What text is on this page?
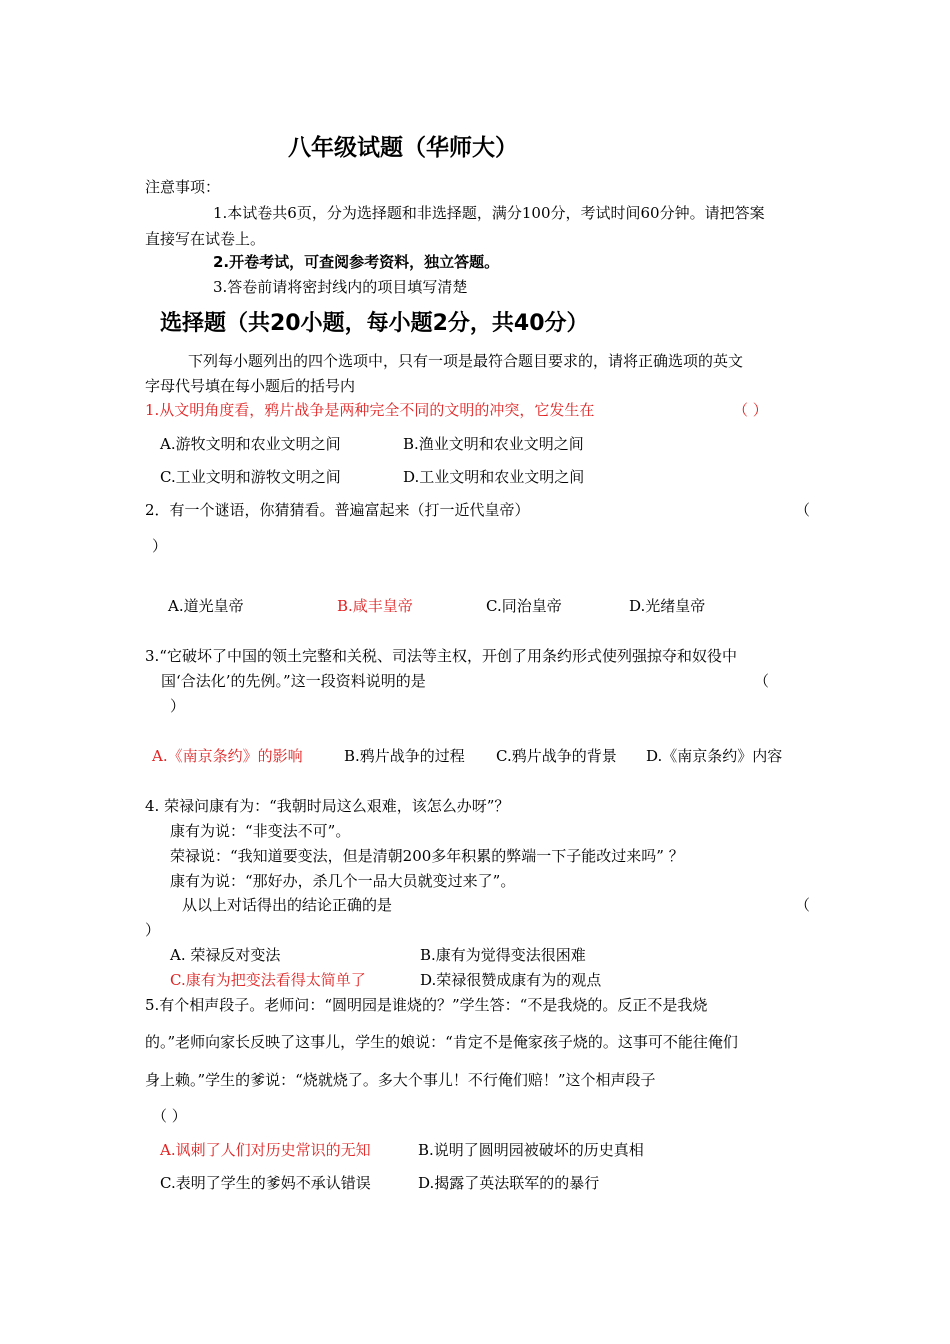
八年级试题（华师大）
注意事项：
1.本试卷共6页，分为选择题和非选择题，满分100分，考试时间60分钟。请把答案
直接写在试卷上。
2.开卷考试，可查阅参考资料，独立答题。
3.答卷前请将密封线内的项目填写清楚
选择题（共20小题，每小题2分，共40分）
下列每小题列出的四个选项中，只有一项是最符合题目要求的，请将正确选项的英文
字母代号填在每小题后的括号内
1.从文明角度看，鸦片战争是两种完全不同的文明的冲突，它发生在	（ ）
A.游牧文明和农业文明之间	B.渔业文明和农业文明之间
C.工业文明和游牧文明之间	D.工业文明和农业文明之间
2．有一个谜语，你猜猜看。普遍富起来（打一近代皇帝）	（
）
A.道光皇帝	B.咸丰皇帝	C.同治皇帝	D.光绪皇帝
3.“它破坏了中国的领土完整和关税、司法等主权，开创了用条约形式使列强掠夺和奴役中
国‘合法化’的先例。”这一段资料说明的是	（
）
A.《南京条约》的影响	B.鸦片战争的过程 C.鸦片战争的背景 D.《南京条约》内容
4. 荣禄问康有为：“我朝时局这么艰难，该怎么办呀”？
康有为说：“非变法不可”。
荣禄说：“我知道要变法，但是清朝200多年积累的弊端一下子能改过来吗” ？
康有为说：“那好办，杀几个一品大员就变过来了”。
从以上对话得出的结论正确的是	（
）
A. 荣禄反对变法	B.康有为觉得变法很困难
C.康有为把变法看得太简单了	D.荣禄很赞成康有为的观点
5.有个相声段子。老师问：“圆明园是谁烧的？”学生答：“不是我烧的。反正不是我烧
的。”老师向家长反映了这事儿，学生的娘说：“肯定不是俺家孩子烧的。这事可不能往俺们
身上赖。”学生的爹说：“烧就烧了。多大个事儿！不行俺们赔！”这个相声段子
（ ）
A.讽刺了人们对历史常识的无知	B.说明了圆明园被破坏的历史真相
C.表明了学生的爹妈不承认错误	D.揭露了英法联军的的暴行
